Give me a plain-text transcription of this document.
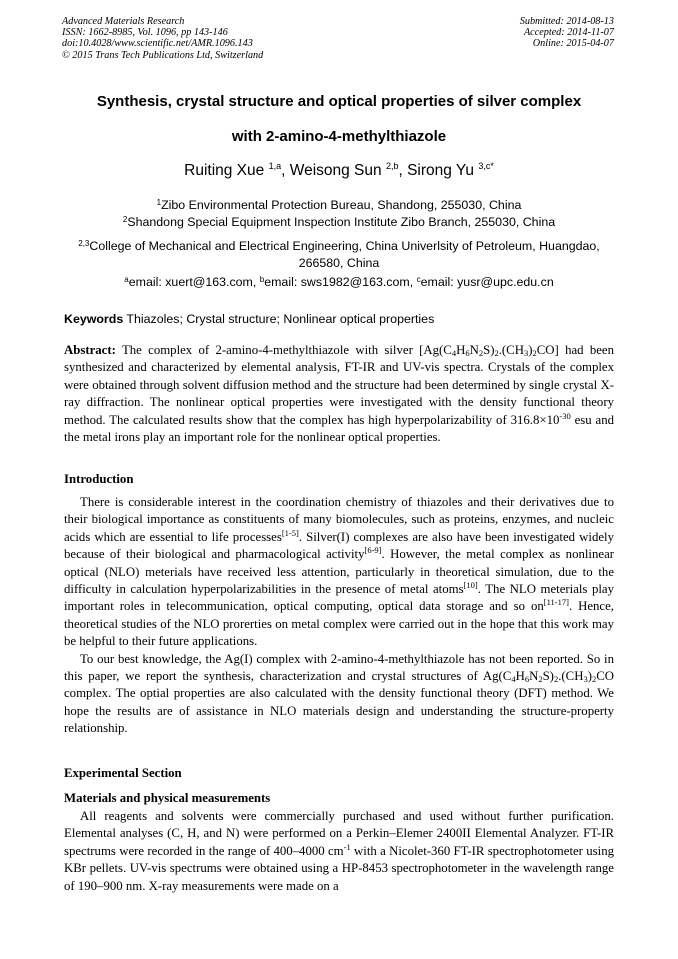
Advanced Materials Research
ISSN: 1662-8985, Vol. 1096, pp 143-146
doi:10.4028/www.scientific.net/AMR.1096.143
© 2015 Trans Tech Publications Ltd, Switzerland
Submitted: 2014-08-13
Accepted: 2014-11-07
Online: 2015-04-07
Synthesis, crystal structure and optical properties of silver complex
with 2-amino-4-methylthiazole
Ruiting Xue $^{1,a}$, Weisong Sun $^{2,b}$, Sirong Yu $^{3,c*}$
$^1$Zibo Environmental Protection Bureau, Shandong, 255030, China
$^2$Shandong Special Equipment Inspection Institute Zibo Branch, 255030, China
$^{2,3}$College of Mechanical and Electrical Engineering, China Univerlsity of Petroleum, Huangdao,
266580, China
$^a$email: xuert@163.com, $^b$email: sws1982@163.com, $^c$email: yusr@upc.edu.cn
Keywords Thiazoles; Crystal structure; Nonlinear optical properties

Abstract: The complex of 2-amino-4-methylthiazole with silver $[Ag(C_4H_6N_2S)_2.(CH_3)_2CO]$ had been synthesized and characterized by elemental analysis, FT-IR and UV-vis spectra. Crystals of the complex were obtained through solvent diffusion method and the structure had been determined by single crystal X-ray diffraction. The nonlinear optical properties were investigated with the density functional theory method. The calculated results show that the complex has high hyperpolarizability of $316.8\times 10^{-30}$ esu and the metal irons play an important role for the nonlinear optical properties.

Introduction

There is considerable interest in the coordination chemistry of thiazoles and their derivatives due to their biological importance as constituents of many biomolecules, such as proteins, enzymes, and nucleic acids which are essential to life processes[1-5]. Silver(I) complexes are also have been investigated widely because of their biological and pharmacological activity[6-9]. However, the metal complex as nonlinear optical (NLO) meterials have received less attention, particularly in theoretical simulation, due to the difficulty in calculation hyperpolarizabilities in the presence of metal atoms[10]. The NLO meterials play important roles in telecommunication, optical computing, optical data storage and so on[11-17]. Hence, theoretical studies of the NLO prorerties on metal complex were carried out in the hope that this work may be helpful to their future applications.

To our best knowledge, the Ag(I) complex with 2-amino-4-methylthiazole has not been reported. So in this paper, we report the synthesis, characterization and crystal structures of $Ag(C_4H_6N_2S)_2.(CH_3)_2CO$ complex. The optial properties are also calculated with the density functional theory (DFT) method. We hope the results are of assistance in NLO materials design and understanding the structure-property relationship.

Experimental Section
Materials and physical measurements

All reagents and solvents were commercially purchased and used without further purification. Elemental analyses (C, H, and N) were performed on a Perkin–Elemer 2400II Elemental Analyzer. FT-IR spectrums were recorded in the range of 400–4000 $cm^{-1}$ with a Nicolet-360 FT-IR spectrophotometer using KBr pellets. UV-vis spectrums were obtained using a HP-8453 spectrophotometer in the wavelength range of 190–900 nm. X-ray measurements were made on a
